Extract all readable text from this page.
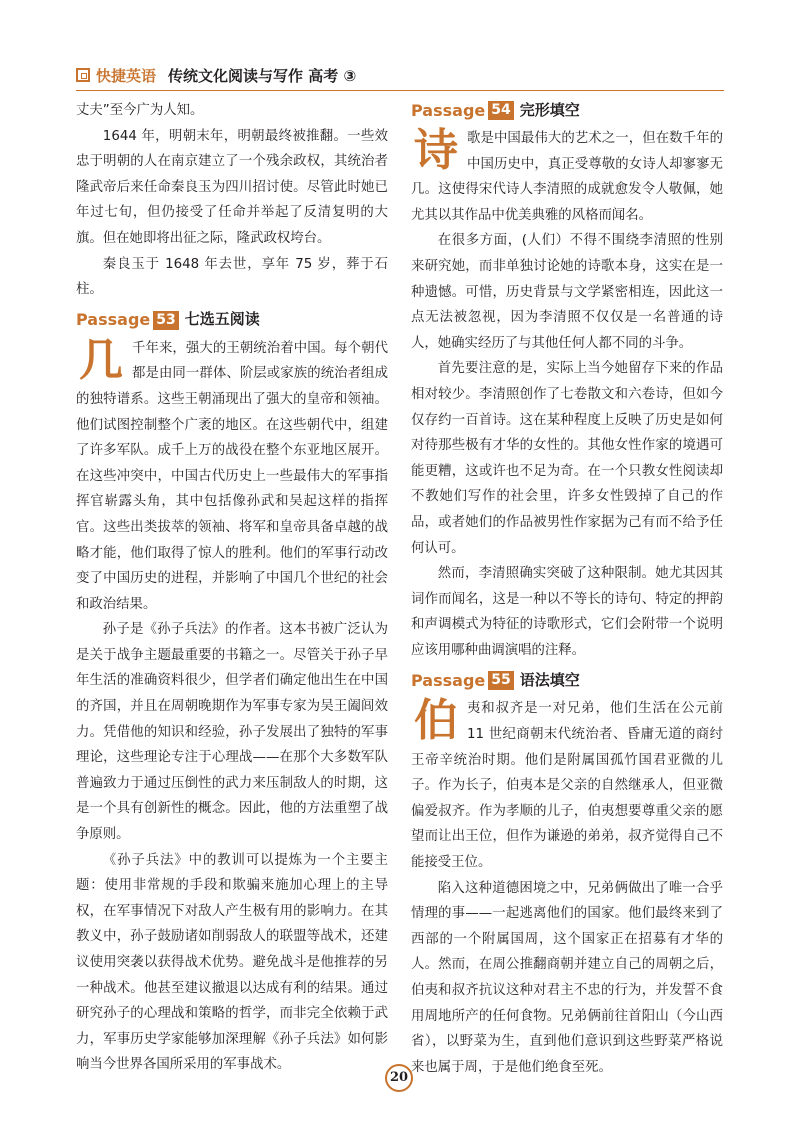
快捷英语 传统文化阅读与写作 高考 ③

丈夫”至今广为人知。

1644 年，明朝末年，明朝最终被推翻。一些效忠于明朝的人在南京建立了一个残余政权，其统治者隆武帝后来任命秦良玉为四川招讨使。尽管此时她已年过七旬，但仍接受了任命并举起了反清复明的大旗。但在她即将出征之际，隆武政权垮台。

秦良玉于 1648 年去世，享年 75 岁，葬于石柱。

Passage 53 七选五阅读

几千年来，强大的王朝统治着中国。每个朝代都是由同一群体、阶层或家族的统治者组成的独特谱系。这些王朝涌现出了强大的皇帝和领袖。他们试图控制整个广袤的地区。在这些朝代中，组建了许多军队。成千上万的战役在整个东亚地区展开。在这些冲突中，中国古代历史上一些最伟大的军事指挥官崭露头角，其中包括像孙武和吴起这样的指挥官。这些出类拔萃的领袖、将军和皇帝具备卓越的战略才能，他们取得了惊人的胜利。他们的军事行动改变了中国历史的进程，并影响了中国几个世纪的社会和政治结果。

孙子是《孙子兵法》的作者。这本书被广泛认为是关于战争主题最重要的书籍之一。尽管关于孙子早年生活的准确资料很少，但学者们确定他出生在中国的齐国，并且在周朝晚期作为军事专家为吴王阖闾效力。凭借他的知识和经验，孙子发展出了独特的军事理论，这些理论专注于心理战——在那个大多数军队普遍致力于通过压倒性的武力来压制敌人的时期，这是一个具有创新性的概念。因此，他的方法重塑了战争原则。

《孙子兵法》中的教训可以提炼为一个主要主题：使用非常规的手段和欺骗来施加心理上的主导权，在军事情况下对敌人产生极有用的影响力。在其教义中，孙子鼓励诸如削弱敌人的联盟等战术，还建议使用突袭以获得战术优势。避免战斗是他推荐的另一种战术。他甚至建议撤退以达成有利的结果。通过研究孙子的心理战和策略的哲学，而非完全依赖于武力，军事历史学家能够加深理解《孙子兵法》如何影响当今世界各国所采用的军事战术。

Passage 54 完形填空

诗歌是中国最伟大的艺术之一，但在数千年的中国历史中，真正受尊敬的女诗人却寥寥无几。这使得宋代诗人李清照的成就愈发令人敬佩，她尤其以其作品中优美典雅的风格而闻名。

在很多方面，(人们）不得不围绕李清照的性别来研究她，而非单独讨论她的诗歌本身，这实在是一种遗憾。可惜，历史背景与文学紧密相连，因此这一点无法被忽视，因为李清照不仅仅是一名普通的诗人，她确实经历了与其他任何人都不同的斗争。

首先要注意的是，实际上当今她留存下来的作品相对较少。李清照创作了七卷散文和六卷诗，但如今仅存约一百首诗。这在某种程度上反映了历史是如何对待那些极有才华的女性的。其他女性作家的境遇可能更糟，这或许也不足为奇。在一个只教女性阅读却不教她们写作的社会里，许多女性毁掉了自己的作品，或者她们的作品被男性作家据为己有而不给予任何认可。

然而，李清照确实突破了这种限制。她尤其因其词作而闻名，这是一种以不等长的诗句、特定的押韵和声调模式为特征的诗歌形式，它们会附带一个说明应该用哪种曲调演唱的注释。

Passage 55 语法填空

伯夷和叔齐是一对兄弟，他们生活在公元前 11 世纪商朝末代统治者、昏庸无道的商纣王帝辛统治时期。他们是附属国孤竹国君亚微的儿子。作为长子，伯夷本是父亲的自然继承人，但亚微偏爱叔齐。作为孝顺的儿子，伯夷想要尊重父亲的愿望而让出王位，但作为谦逊的弟弟，叔齐觉得自己不能接受王位。

陷入这种道德困境之中，兄弟俩做出了唯一合乎情理的事——一起逃离他们的国家。他们最终来到了西部的一个附属国周，这个国家正在招募有才华的人。然而，在周公推翻商朝并建立自己的周朝之后，伯夷和叔齐抗议这种对君主不忠的行为，并发誓不食用周地所产的任何食物。兄弟俩前往首阳山（今山西省），以野菜为生，直到他们意识到这些野菜严格说来也属于周，于是他们绝食至死。

20
